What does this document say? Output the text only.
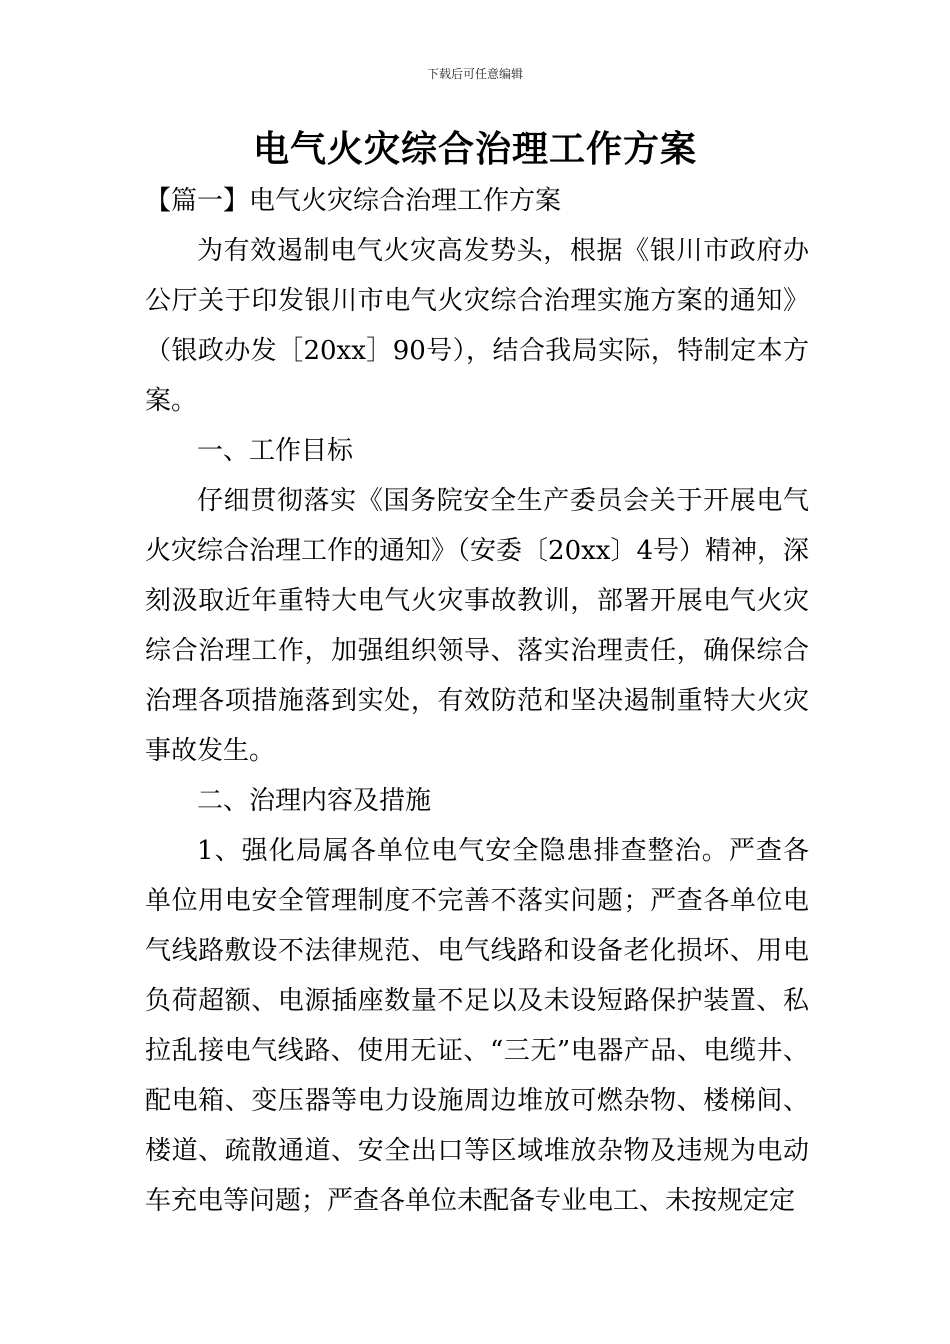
下载后可任意编辑
电气火灾综合治理工作方案

【篇一】电气火灾综合治理工作方案

为有效遏制电气火灾高发势头，根据《银川市政府办公厅关于印发银川市电气火灾综合治理实施方案的通知》（银政办发［20xx］90号），结合我局实际，特制定本方案。

一、工作目标

仔细贯彻落实《国务院安全生产委员会关于开展电气火灾综合治理工作的通知》（安委〔20xx〕4号）精神，深刻汲取近年重特大电气火灾事故教训，部署开展电气火灾综合治理工作，加强组织领导、落实治理责任，确保综合治理各项措施落到实处，有效防范和坚决遏制重特大火灾事故发生。

二、治理内容及措施

1、强化局属各单位电气安全隐患排查整治。严查各单位用电安全管理制度不完善不落实问题；严查各单位电气线路敷设不法律规范、电气线路和设备老化损坏、用电负荷超额、电源插座数量不足以及未设短路保护装置、私拉乱接电气线路、使用无证、“三无”电器产品、电缆井、配电箱、变压器等电力设施周边堆放可燃杂物、楼梯间、楼道、疏散通道、安全出口等区域堆放杂物及违规为电动车充电等问题；严查各单位未配备专业电工、未按规定定
